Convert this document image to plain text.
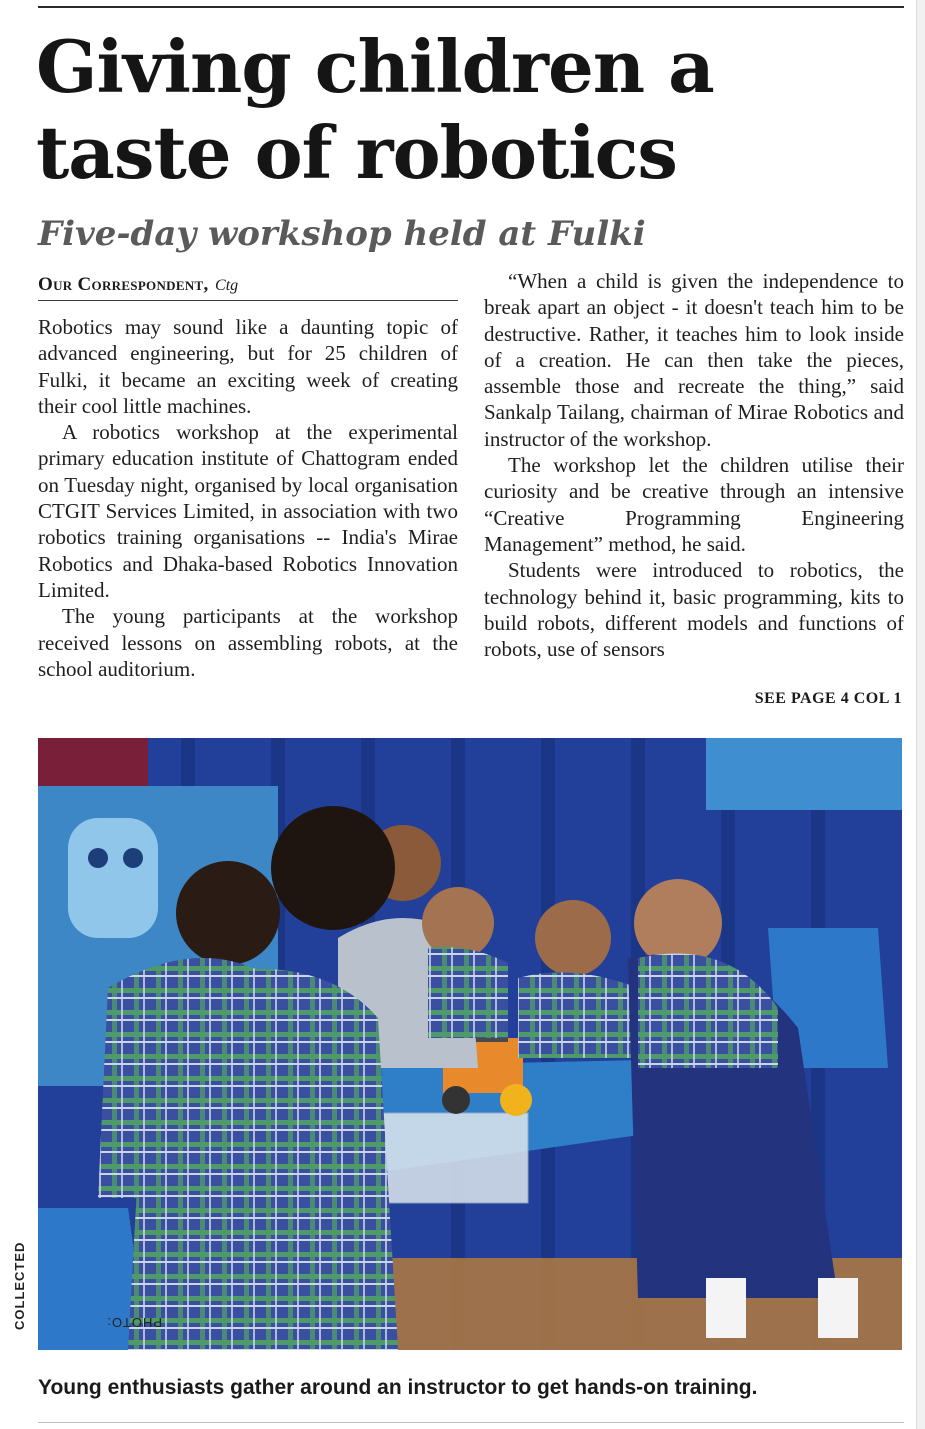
Giving children a taste of robotics
Five-day workshop held at Fulki
Our Correspondent, Ctg

Robotics may sound like a daunting topic of advanced engineering, but for 25 children of Fulki, it became an exciting week of creating their cool little machines.

A robotics workshop at the experimental primary education institute of Chattogram ended on Tuesday night, organised by local organisation CTGIT Services Limited, in association with two robotics training organisations -- India's Mirae Robotics and Dhaka-based Robotics Innovation Limited.

The young participants at the workshop received lessons on assembling robots, at the school auditorium.

“When a child is given the independence to break apart an object - it doesn't teach him to be destructive. Rather, it teaches him to look inside of a creation. He can then take the pieces, assemble those and recreate the thing,” said Sankalp Tailang, chairman of Mirae Robotics and instructor of the workshop.

The workshop let the children utilise their curiosity and be creative through an intensive “Creative Programming Engineering Management” method, he said.

Students were introduced to robotics, the technology behind it, basic programming, kits to build robots, different models and functions of robots, use of sensors

SEE PAGE 4 COL 1
PHOTO:
COLLECTED
Young enthusiasts gather around an instructor to get hands-on training.
